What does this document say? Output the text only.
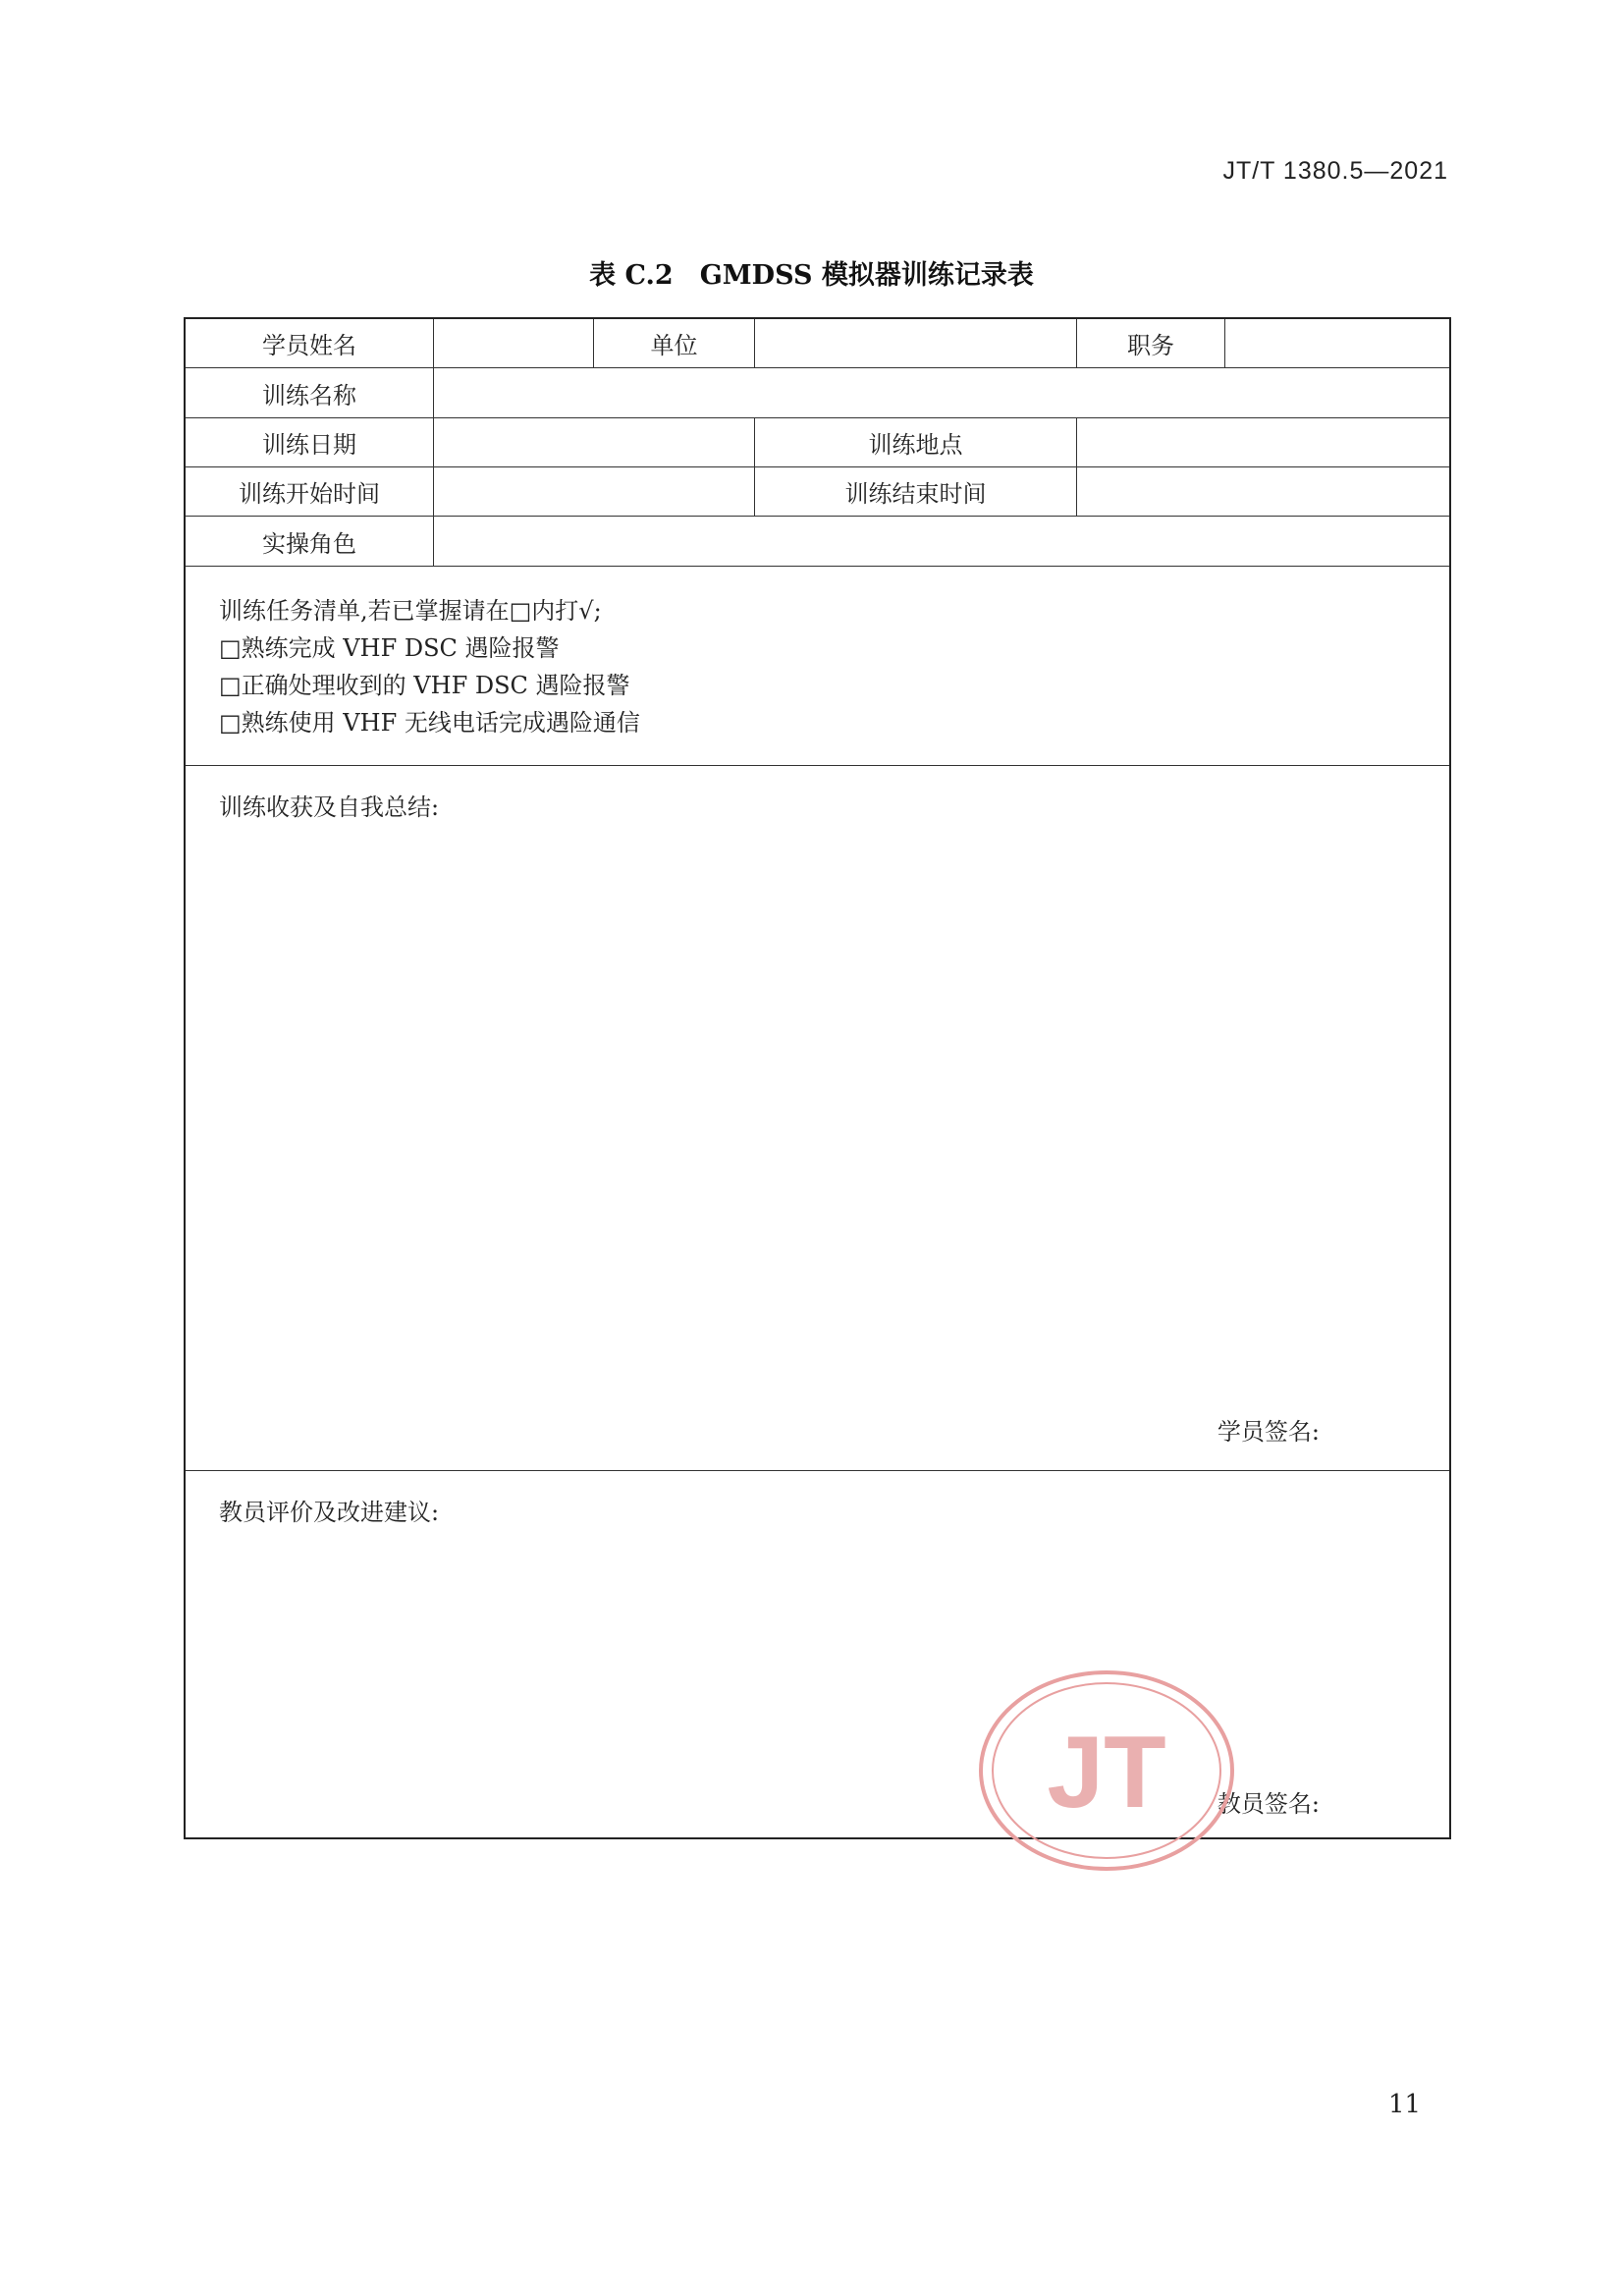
JT/T 1380.5—2021
表 C.2　GMDSS 模拟器训练记录表
学员姓名	单位	职务
训练名称
训练日期	训练地点
训练开始时间	训练结束时间
实操角色
训练任务清单,若已掌握请在□内打√;
□熟练完成 VHF DSC 遇险报警
□正确处理收到的 VHF DSC 遇险报警
□熟练使用 VHF 无线电话完成遇险通信
训练收获及自我总结:
学员签名:
教员评价及改进建议:
教员签名:
JT
11
